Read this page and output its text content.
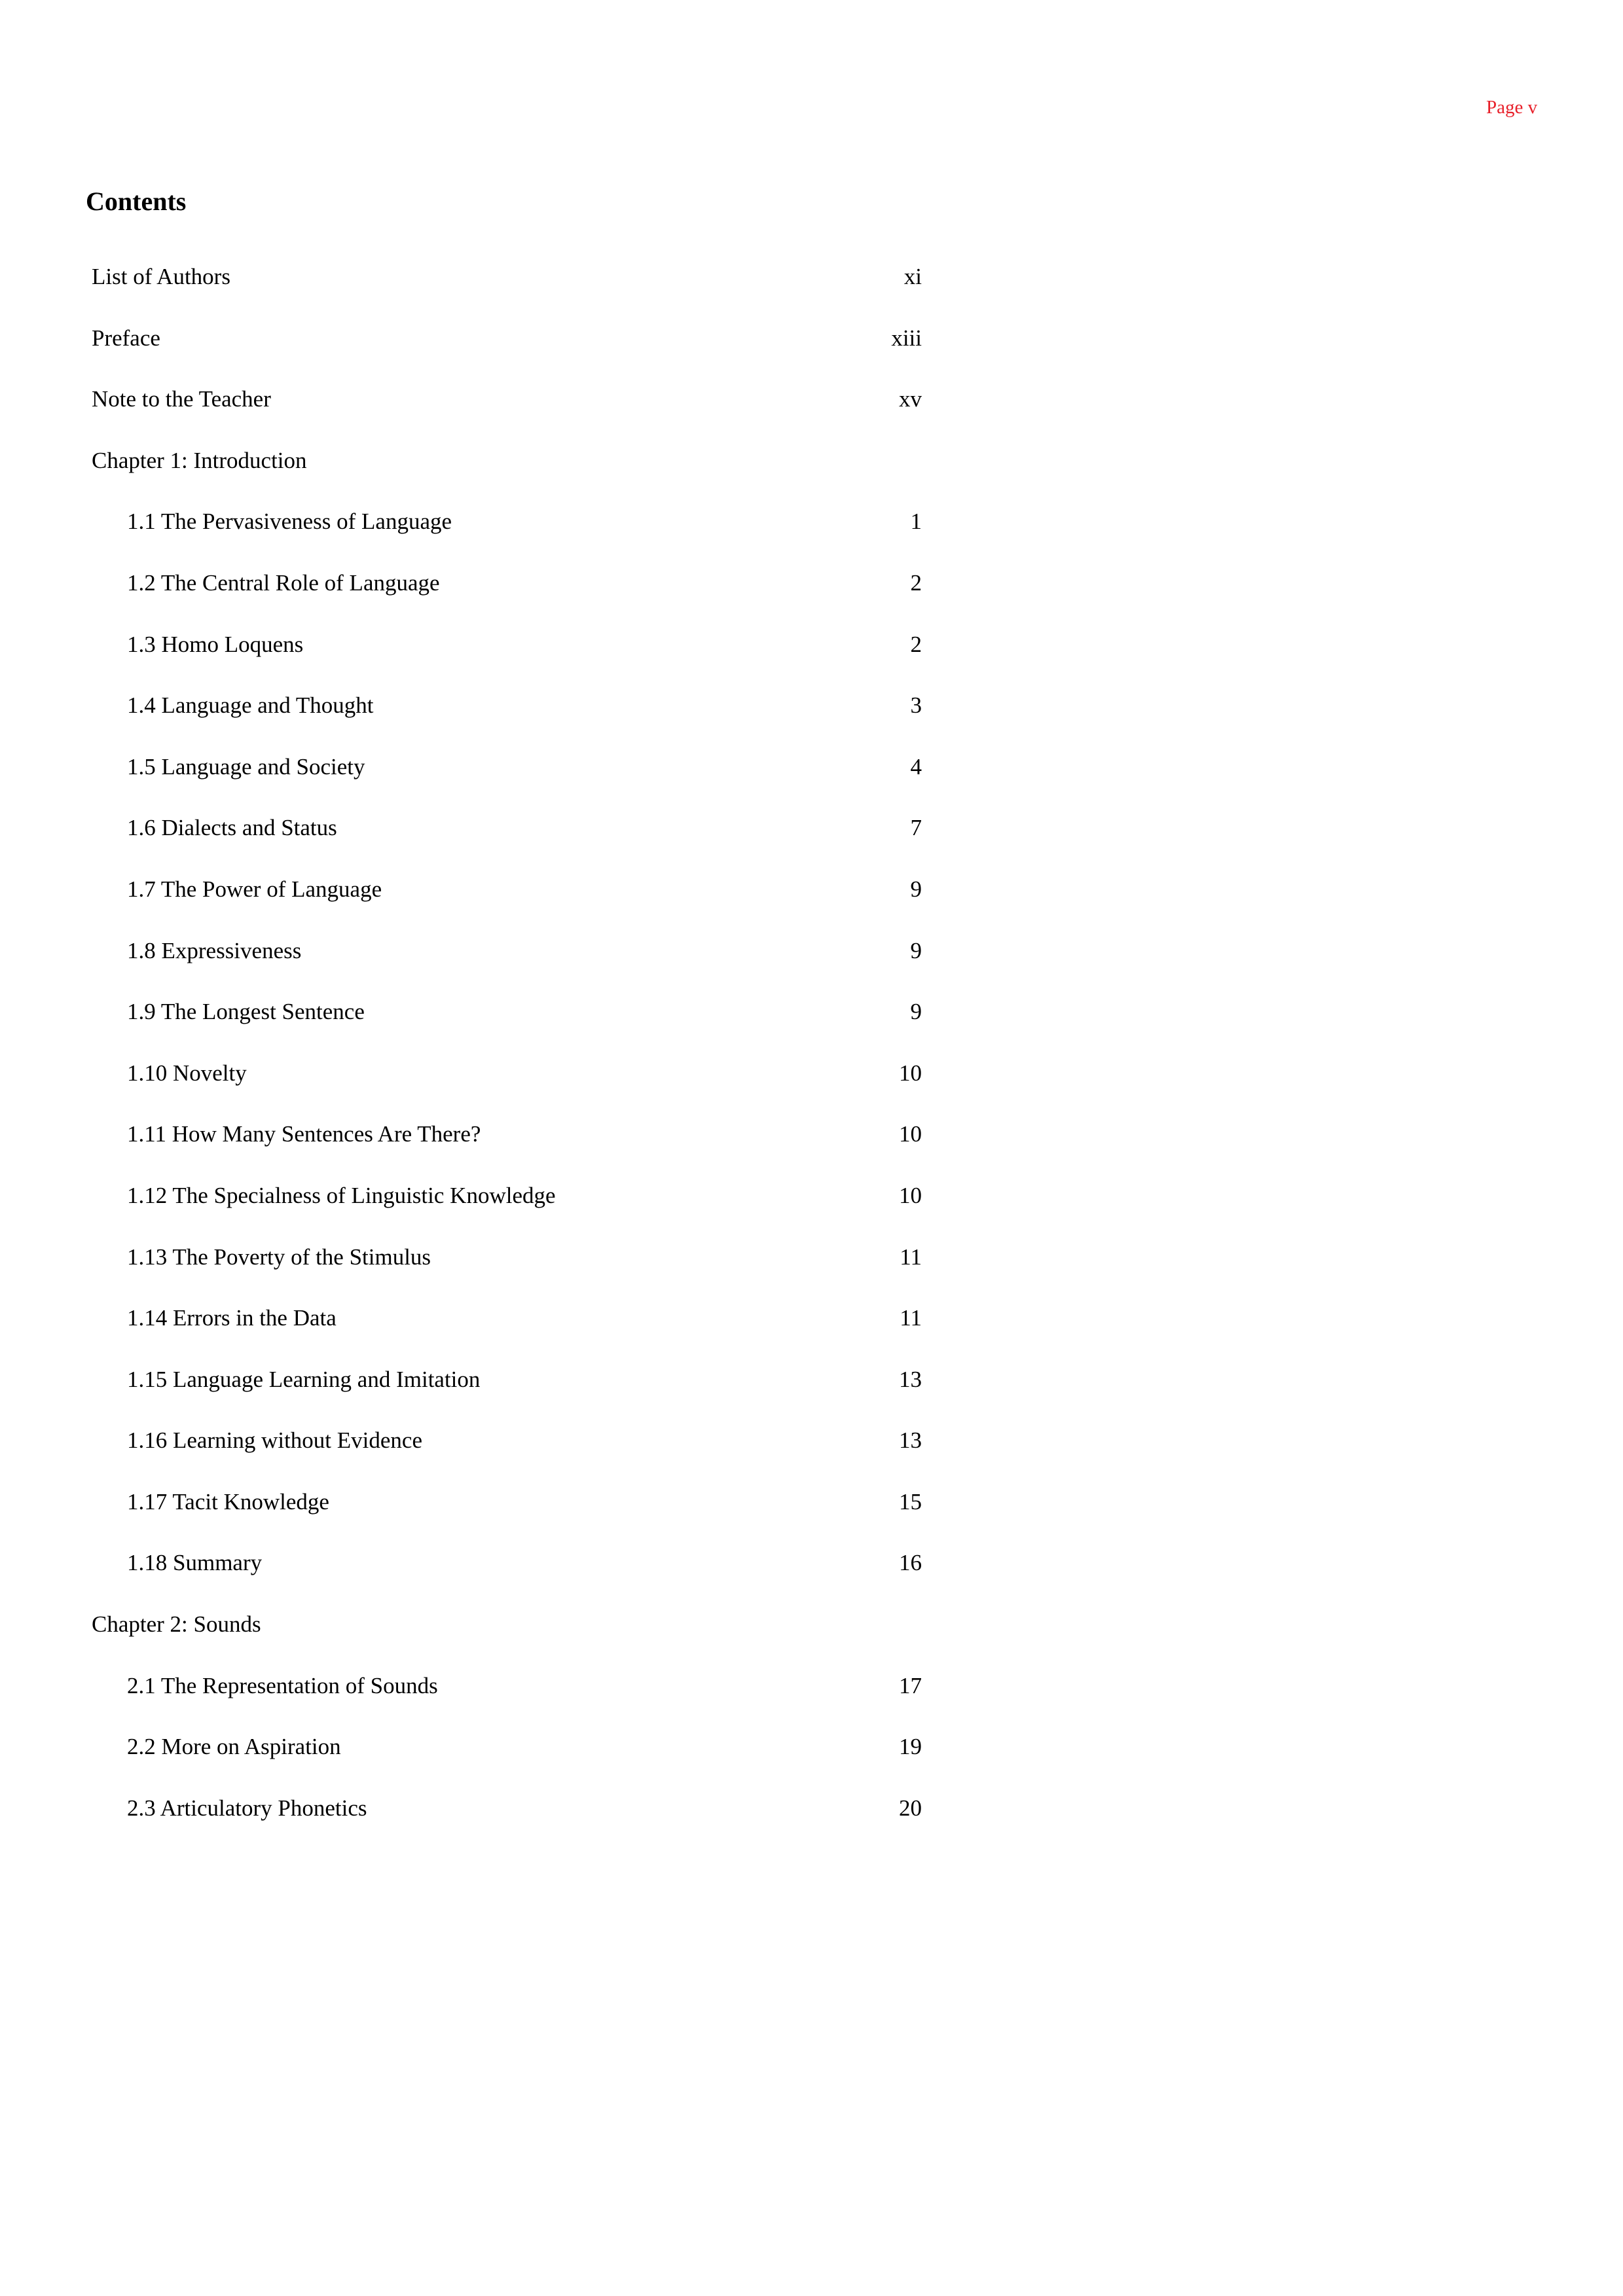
Page v
Contents
List of Authors	xi
Preface	xiii
Note to the Teacher	xv
Chapter 1: Introduction
1.1 The Pervasiveness of Language	1
1.2 The Central Role of Language	2
1.3 Homo Loquens	2
1.4 Language and Thought	3
1.5 Language and Society	4
1.6 Dialects and Status	7
1.7 The Power of Language	9
1.8 Expressiveness	9
1.9 The Longest Sentence	9
1.10 Novelty	10
1.11 How Many Sentences Are There?	10
1.12 The Specialness of Linguistic Knowledge	10
1.13 The Poverty of the Stimulus	11
1.14 Errors in the Data	11
1.15 Language Learning and Imitation	13
1.16 Learning without Evidence	13
1.17 Tacit Knowledge	15
1.18 Summary	16
Chapter 2: Sounds
2.1 The Representation of Sounds	17
2.2 More on Aspiration	19
2.3 Articulatory Phonetics	20
